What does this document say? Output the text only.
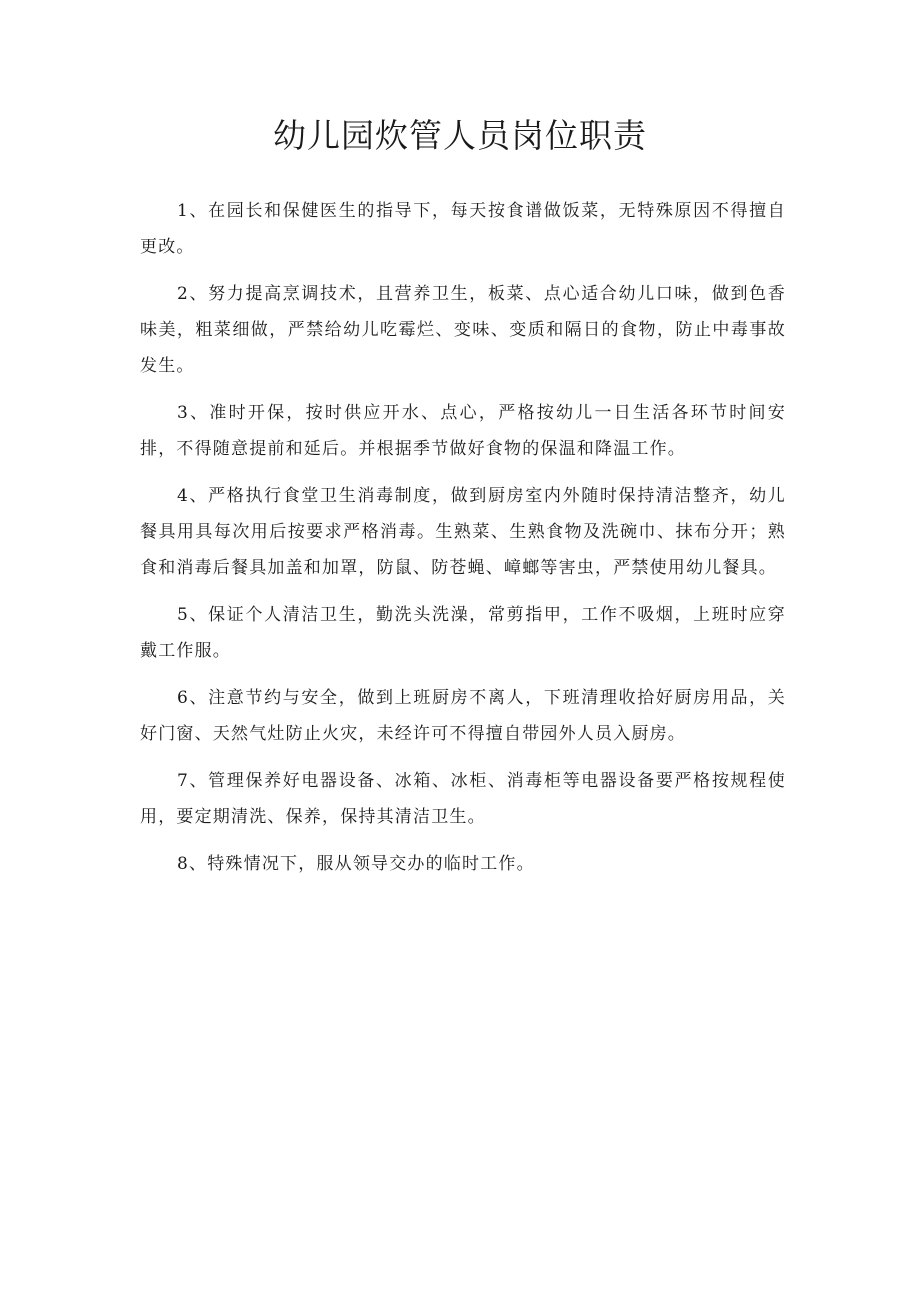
幼儿园炊管人员岗位职责

1、在园长和保健医生的指导下，每天按食谱做饭菜，无特殊原因不得擅自更改。

2、努力提高烹调技术，且营养卫生，板菜、点心适合幼儿口味，做到色香味美，粗菜细做，严禁给幼儿吃霉烂、变味、变质和隔日的食物，防止中毒事故发生。

3、准时开保，按时供应开水、点心，严格按幼儿一日生活各环节时间安排，不得随意提前和延后。并根据季节做好食物的保温和降温工作。

4、严格执行食堂卫生消毒制度，做到厨房室内外随时保持清洁整齐，幼儿餐具用具每次用后按要求严格消毒。生熟菜、生熟食物及洗碗巾、抹布分开；熟食和消毒后餐具加盖和加罩，防鼠、防苍蝇、嶂螂等害虫，严禁使用幼儿餐具。

5、保证个人清洁卫生，勤洗头洗澡，常剪指甲，工作不吸烟，上班时应穿戴工作服。

6、注意节约与安全，做到上班厨房不离人，下班清理收拾好厨房用品，关好门窗、天然气灶防止火灾，未经许可不得擅自带园外人员入厨房。

7、管理保养好电器设备、冰箱、冰柜、消毒柜等电器设备要严格按规程使用，要定期清洗、保养，保持其清洁卫生。

8、特殊情况下，服从领导交办的临时工作。
